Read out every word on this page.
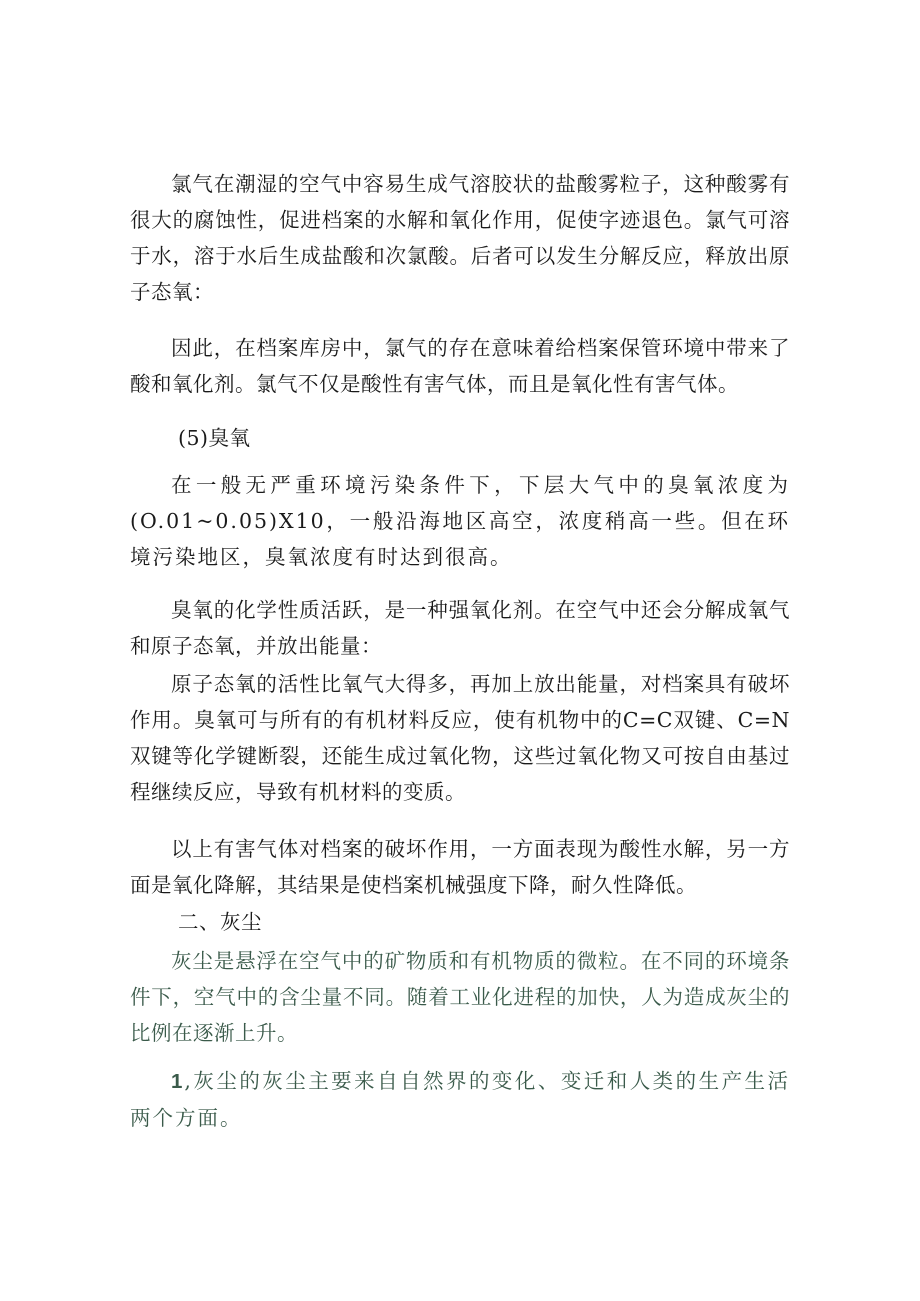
氯气在潮湿的空气中容易生成气溶胶状的盐酸雾粒子，这种酸雾有很大的腐蚀性，促进档案的水解和氧化作用，促使字迹退色。氯气可溶于水，溶于水后生成盐酸和次氯酸。后者可以发生分解反应，释放出原子态氧：

因此，在档案库房中，氯气的存在意味着给档案保管环境中带来了酸和氧化剂。氯气不仅是酸性有害气体，而且是氧化性有害气体。

(5)臭氧

在一般无严重环境污染条件下，下层大气中的臭氧浓度为(O.01~0.05)X10，一般沿海地区高空，浓度稍高一些。但在环境污染地区，臭氧浓度有时达到很高。

臭氧的化学性质活跃，是一种强氧化剂。在空气中还会分解成氧气和原子态氧，并放出能量：

原子态氧的活性比氧气大得多，再加上放出能量，对档案具有破坏作用。臭氧可与所有的有机材料反应，使有机物中的C=C双键、C=N双键等化学键断裂，还能生成过氧化物，这些过氧化物又可按自由基过程继续反应，导致有机材料的变质。

以上有害气体对档案的破坏作用，一方面表现为酸性水解，另一方面是氧化降解，其结果是使档案机械强度下降，耐久性降低。

二、灰尘

灰尘是悬浮在空气中的矿物质和有机物质的微粒。在不同的环境条件下，空气中的含尘量不同。随着工业化进程的加快，人为造成灰尘的比例在逐渐上升。

1,灰尘的灰尘主要来自自然界的变化、变迁和人类的生产生活两个方面。
